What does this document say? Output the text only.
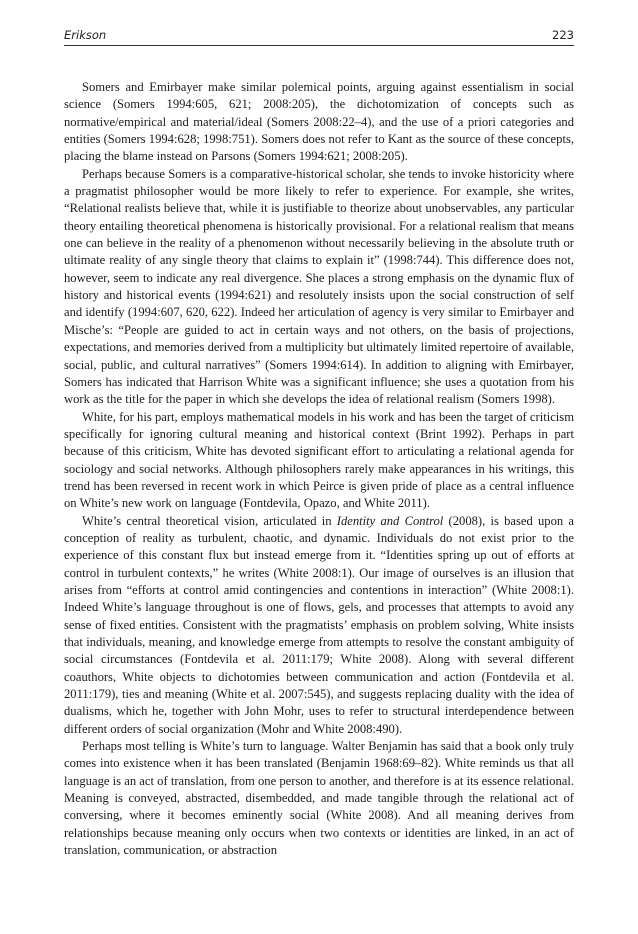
Erikson	223

Somers and Emirbayer make similar polemical points, arguing against essentialism in social science (Somers 1994:605, 621; 2008:205), the dichotomization of concepts such as normative/empirical and material/ideal (Somers 2008:22–4), and the use of a priori categories and entities (Somers 1994:628; 1998:751). Somers does not refer to Kant as the source of these concepts, placing the blame instead on Parsons (Somers 1994:621; 2008:205).

Perhaps because Somers is a comparative-historical scholar, she tends to invoke historicity where a pragmatist philosopher would be more likely to refer to experience. For example, she writes, “Relational realists believe that, while it is justifiable to theorize about unobservables, any particular theory entailing theoretical phenomena is historically provisional. For a relational realism that means one can believe in the reality of a phenomenon without necessarily believing in the absolute truth or ultimate reality of any single theory that claims to explain it” (1998:744). This difference does not, however, seem to indicate any real divergence. She places a strong emphasis on the dynamic flux of history and historical events (1994:621) and resolutely insists upon the social construction of self and identify (1994:607, 620, 622). Indeed her articulation of agency is very similar to Emirbayer and Mische’s: “People are guided to act in certain ways and not others, on the basis of projections, expectations, and memories derived from a multiplicity but ultimately limited repertoire of available, social, public, and cultural narratives” (Somers 1994:614). In addition to aligning with Emirbayer, Somers has indicated that Harrison White was a significant influence; she uses a quotation from his work as the title for the paper in which she develops the idea of relational realism (Somers 1998).

White, for his part, employs mathematical models in his work and has been the target of criticism specifically for ignoring cultural meaning and historical context (Brint 1992). Perhaps in part because of this criticism, White has devoted significant effort to articulating a relational agenda for sociology and social networks. Although philosophers rarely make appearances in his writings, this trend has been reversed in recent work in which Peirce is given pride of place as a central influence on White’s new work on language (Fontdevila, Opazo, and White 2011).

White’s central theoretical vision, articulated in Identity and Control (2008), is based upon a conception of reality as turbulent, chaotic, and dynamic. Individuals do not exist prior to the experience of this constant flux but instead emerge from it. “Identities spring up out of efforts at control in turbulent contexts,” he writes (White 2008:1). Our image of ourselves is an illusion that arises from “efforts at control amid contingencies and contentions in interaction” (White 2008:1). Indeed White’s language throughout is one of flows, gels, and processes that attempts to avoid any sense of fixed entities. Consistent with the pragmatists’ emphasis on problem solving, White insists that individuals, meaning, and knowledge emerge from attempts to resolve the constant ambiguity of social circumstances (Fontdevila et al. 2011:179; White 2008). Along with several different coauthors, White objects to dichotomies between communication and action (Fontdevila et al. 2011:179), ties and meaning (White et al. 2007:545), and suggests replacing duality with the idea of dualisms, which he, together with John Mohr, uses to refer to structural interdependence between different orders of social organization (Mohr and White 2008:490).

Perhaps most telling is White’s turn to language. Walter Benjamin has said that a book only truly comes into existence when it has been translated (Benjamin 1968:69–82). White reminds us that all language is an act of translation, from one person to another, and therefore is at its essence relational. Meaning is conveyed, abstracted, disembedded, and made tangible through the relational act of conversing, where it becomes eminently social (White 2008). And all meaning derives from relationships because meaning only occurs when two contexts or identities are linked, in an act of translation, communication, or abstraction
